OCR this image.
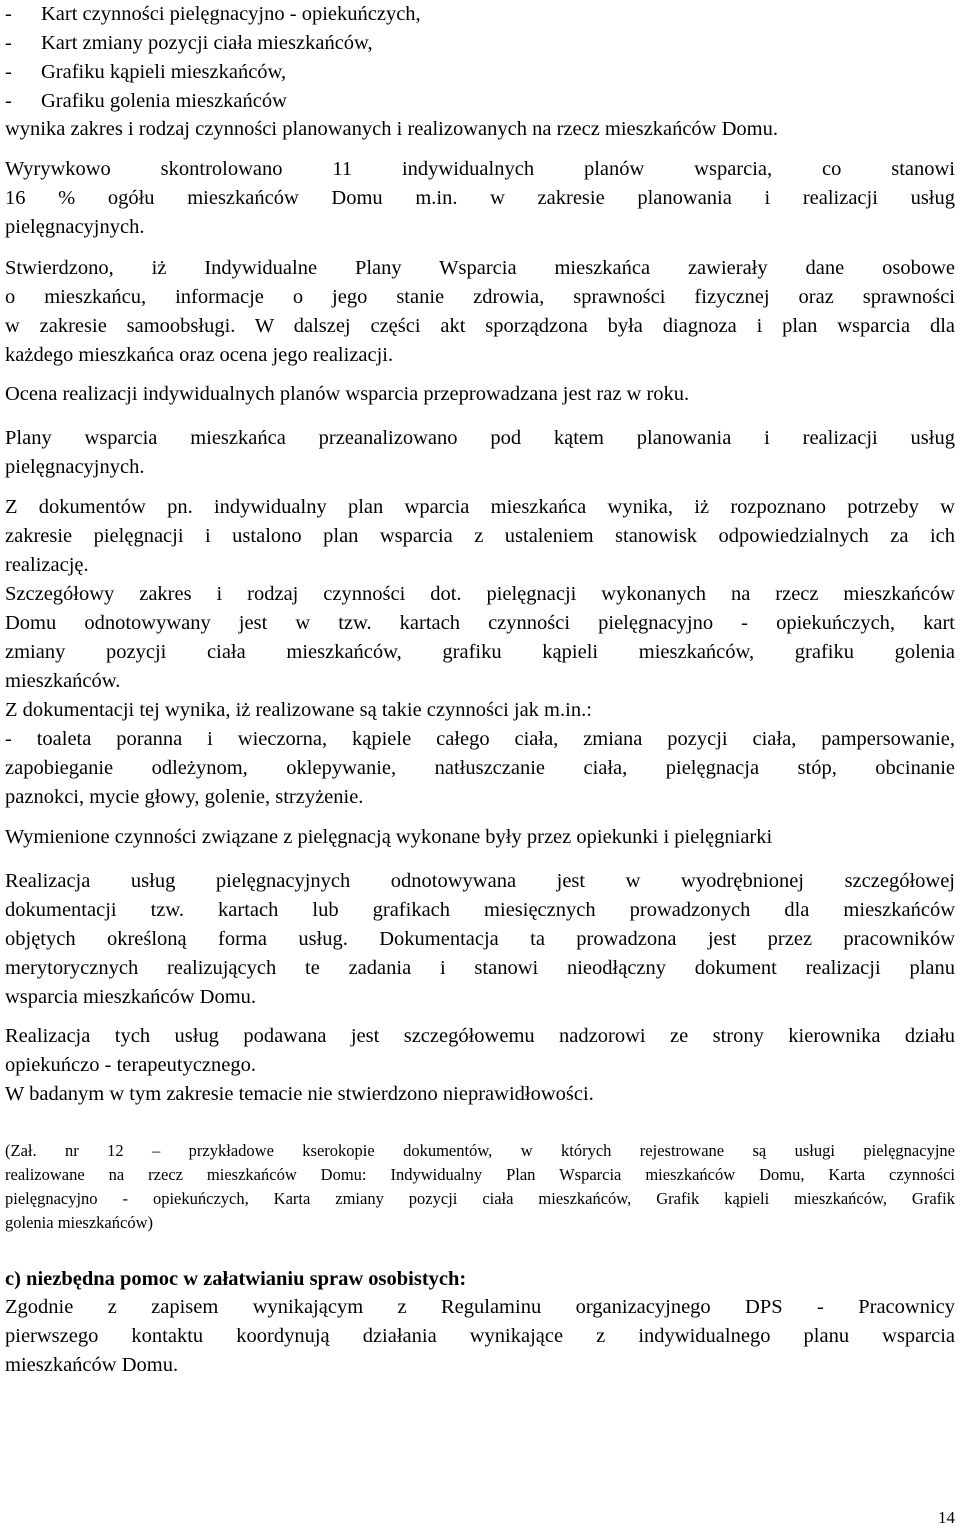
- Kart czynności pielęgnacyjno - opiekuńczych,
- Kart zmiany pozycji ciała mieszkańców,
- Grafiku kąpieli mieszkańców,
- Grafiku golenia mieszkańców
wynika zakres i rodzaj czynności planowanych i realizowanych na rzecz mieszkańców Domu.
Wyrywkowo skontrolowano 11 indywidualnych planów wsparcia, co stanowi
16 % ogółu mieszkańców Domu m.in. w zakresie planowania i realizacji usług
pielęgnacyjnych.
Stwierdzono, iż Indywidualne Plany Wsparcia mieszkańca zawierały dane osobowe
o mieszkańcu, informacje o jego stanie zdrowia, sprawności fizycznej oraz sprawności
w zakresie samoobsługi. W dalszej części akt sporządzona była diagnoza i plan wsparcia dla
każdego mieszkańca oraz ocena jego realizacji.
Ocena realizacji indywidualnych planów wsparcia przeprowadzana jest raz w roku.
Plany wsparcia mieszkańca przeanalizowano pod kątem planowania i realizacji usług
pielęgnacyjnych.
Z dokumentów pn. indywidualny plan wparcia mieszkańca wynika, iż rozpoznano potrzeby w
zakresie pielęgnacji i ustalono plan wsparcia z ustaleniem stanowisk odpowiedzialnych za ich
realizację.
Szczegółowy zakres i rodzaj czynności dot. pielęgnacji wykonanych na rzecz mieszkańców
Domu odnotowywany jest w tzw. kartach czynności pielęgnacyjno - opiekuńczych, kart
zmiany pozycji ciała mieszkańców, grafiku kąpieli mieszkańców, grafiku golenia
mieszkańców.
Z dokumentacji tej wynika, iż realizowane są takie czynności jak m.in.:
- toaleta poranna i wieczorna, kąpiele całego ciała, zmiana pozycji ciała, pampersowanie,
zapobieganie odleżynom, oklepywanie, natłuszczanie ciała, pielęgnacja stóp, obcinanie
paznokci, mycie głowy, golenie, strzyżenie.
Wymienione czynności związane z pielęgnacją wykonane były przez opiekunki i pielęgniarki
Realizacja usług pielęgnacyjnych odnotowywana jest w wyodrębnionej szczegółowej
dokumentacji tzw. kartach lub grafikach miesięcznych prowadzonych dla mieszkańców
objętych określoną forma usług. Dokumentacja ta prowadzona jest przez pracowników
merytorycznych realizujących te zadania i stanowi nieodłączny dokument realizacji planu
wsparcia mieszkańców Domu.
Realizacja tych usług podawana jest szczegółowemu nadzorowi ze strony kierownika działu
opiekuńczo - terapeutycznego.
W badanym w tym zakresie temacie nie stwierdzono nieprawidłowości.
(Zał. nr 12 – przykładowe kserokopie dokumentów, w których rejestrowane są usługi pielęgnacyjne
realizowane na rzecz mieszkańców Domu: Indywidualny Plan Wsparcia mieszkańców Domu, Karta czynności
pielęgnacyjno - opiekuńczych, Karta zmiany pozycji ciała mieszkańców, Grafik kąpieli mieszkańców, Grafik
golenia mieszkańców)
c) niezbędna pomoc w załatwianiu spraw osobistych:
Zgodnie z zapisem wynikającym z Regulaminu organizacyjnego DPS - Pracownicy
pierwszego kontaktu koordynują działania wynikające z indywidualnego planu wsparcia
mieszkańców Domu.
14
